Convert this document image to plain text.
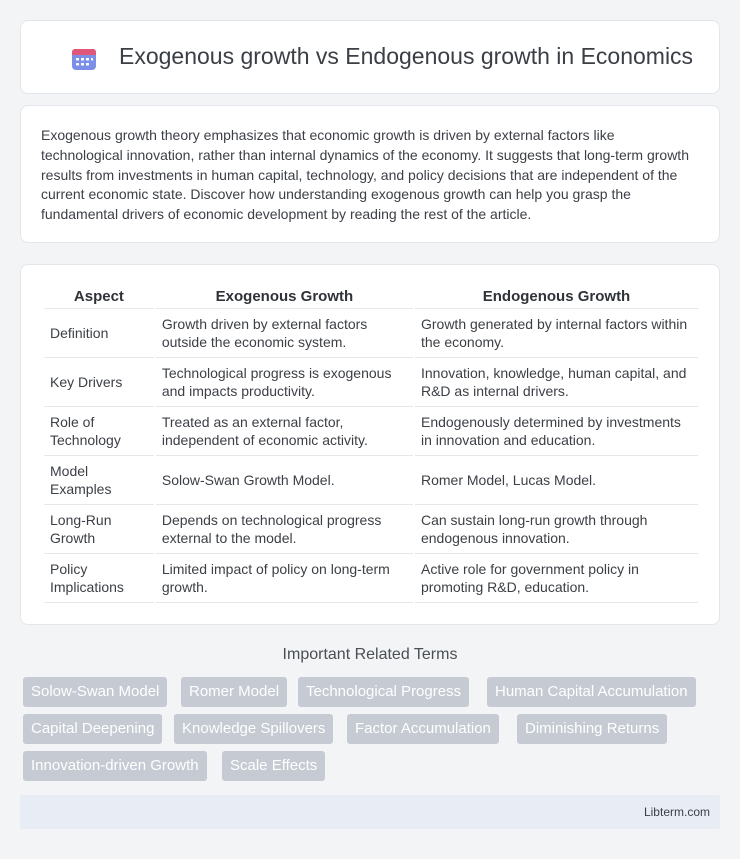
Exogenous growth vs Endogenous growth in Economics

Exogenous growth theory emphasizes that economic growth is driven by external factors like technological innovation, rather than internal dynamics of the economy. It suggests that long-term growth results from investments in human capital, technology, and policy decisions that are independent of the current economic state. Discover how understanding exogenous growth can help you grasp the fundamental drivers of economic development by reading the rest of the article.

Aspect	Exogenous Growth	Endogenous Growth
Definition	Growth driven by external factors outside the economic system.	Growth generated by internal factors within the economy.
Key Drivers	Technological progress is exogenous and impacts productivity.	Innovation, knowledge, human capital, and R&D as internal drivers.
Role of Technology	Treated as an external factor, independent of economic activity.	Endogenously determined by investments in innovation and education.
Model Examples	Solow-Swan Growth Model.	Romer Model, Lucas Model.
Long-Run Growth	Depends on technological progress external to the model.	Can sustain long-run growth through endogenous innovation.
Policy Implications	Limited impact of policy on long-term growth.	Active role for government policy in promoting R&D, education.
Important Related Terms
Solow-Swan Model	Romer Model	Technological Progress	Human Capital Accumulation
Capital Deepening	Knowledge Spillovers	Factor Accumulation	Diminishing Returns
Innovation-driven Growth	Scale Effects
Libterm.com
